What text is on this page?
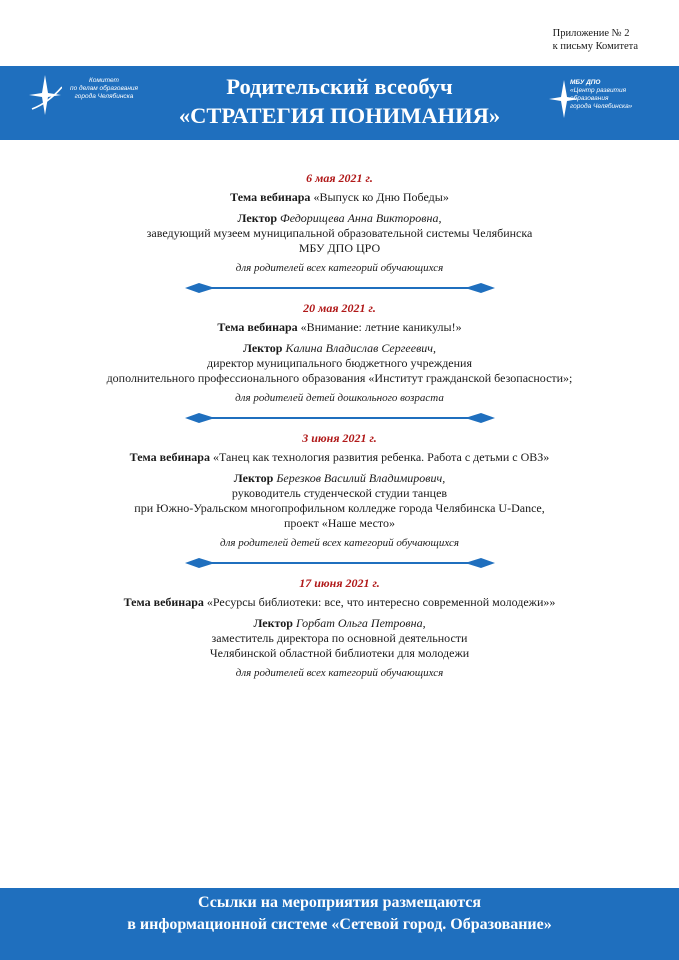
Приложение № 2
к письму Комитета
Комитет
по делам образования
города Челябинска	Родительский всеобуч
«СТРАТЕГИЯ ПОНИМАНИЯ»
МБУ ДПО
«Центр развития образования
города Челябинска»
6 мая 2021 г.
Тема вебинара «Выпуск ко Дню Победы»
Лектор Федорищева Анна Викторовна,
заведующий музеем муниципальной образовательной системы Челябинска
МБУ ДПО ЦРО
для родителей всех категорий обучающихся
20 мая 2021 г.
Тема вебинара «Внимание: летние каникулы!»
Лектор Калина Владислав Сергеевич,
директор муниципального бюджетного учреждения
дополнительного профессионального образования «Институт гражданской безопасности»;
для родителей детей дошкольного возраста
3 июня 2021 г.
Тема вебинара «Танец как технология развития ребенка. Работа с детьми с ОВЗ»
Лектор Березков Василий Владимирович,
руководитель студенческой студии танцев
при Южно-Уральском многопрофильном колледже города Челябинска U-Dance,
проект «Наше место»
для родителей детей всех категорий обучающихся
17 июня 2021 г.
Тема вебинара «Ресурсы библиотеки: все, что интересно современной молодежи»»
Лектор Горбат Ольга Петровна,
заместитель директора по основной деятельности
Челябинской областной библиотеки для молодежи
для родителей всех категорий обучающихся
Ссылки на мероприятия размещаются
в информационной системе «Сетевой город. Образование»
